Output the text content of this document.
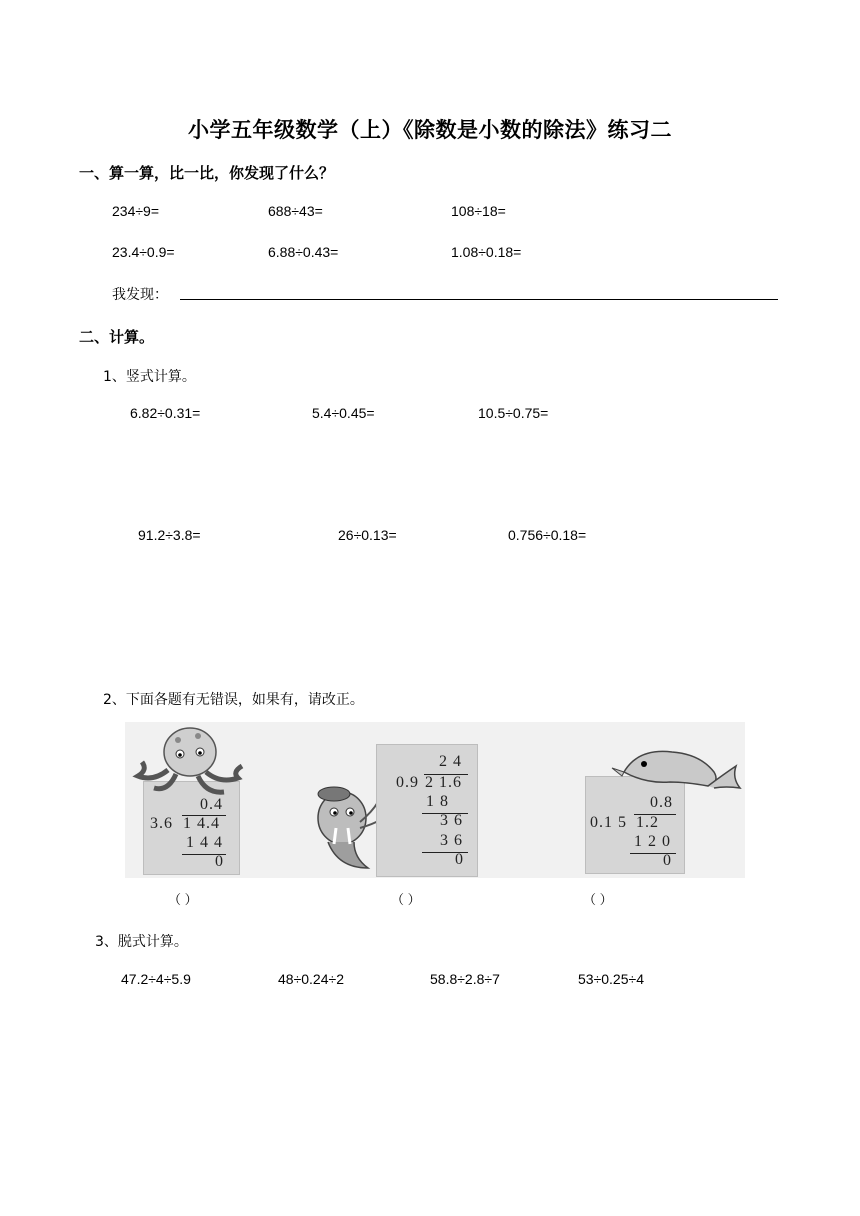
小学五年级数学（上）《除数是小数的除法》练习二
一、算一算，比一比，你发现了什么？
234÷9=	688÷43=	108÷18=
23.4÷0.9=	6.88÷0.43=	1.08÷0.18=
我发现：
二、计算。
1、竖式计算。
6.82÷0.31=	5.4÷0.45=	10.5÷0.75=
91.2÷3.8=	26÷0.13=	0.756÷0.18=
2、下面各题有无错误，如果有，请改正。
0.4
3.6 1 4.4
1 4 4
0
2 4
0.9 2 1.6
1 8
3 6
3 6
0
0.8
0.1 5 1.2
1 2 0
0
（ ）	（ ）	（ ）
3、脱式计算。
47.2÷4÷5.9	48÷0.24÷2	58.8÷2.8÷7	53÷0.25÷4
